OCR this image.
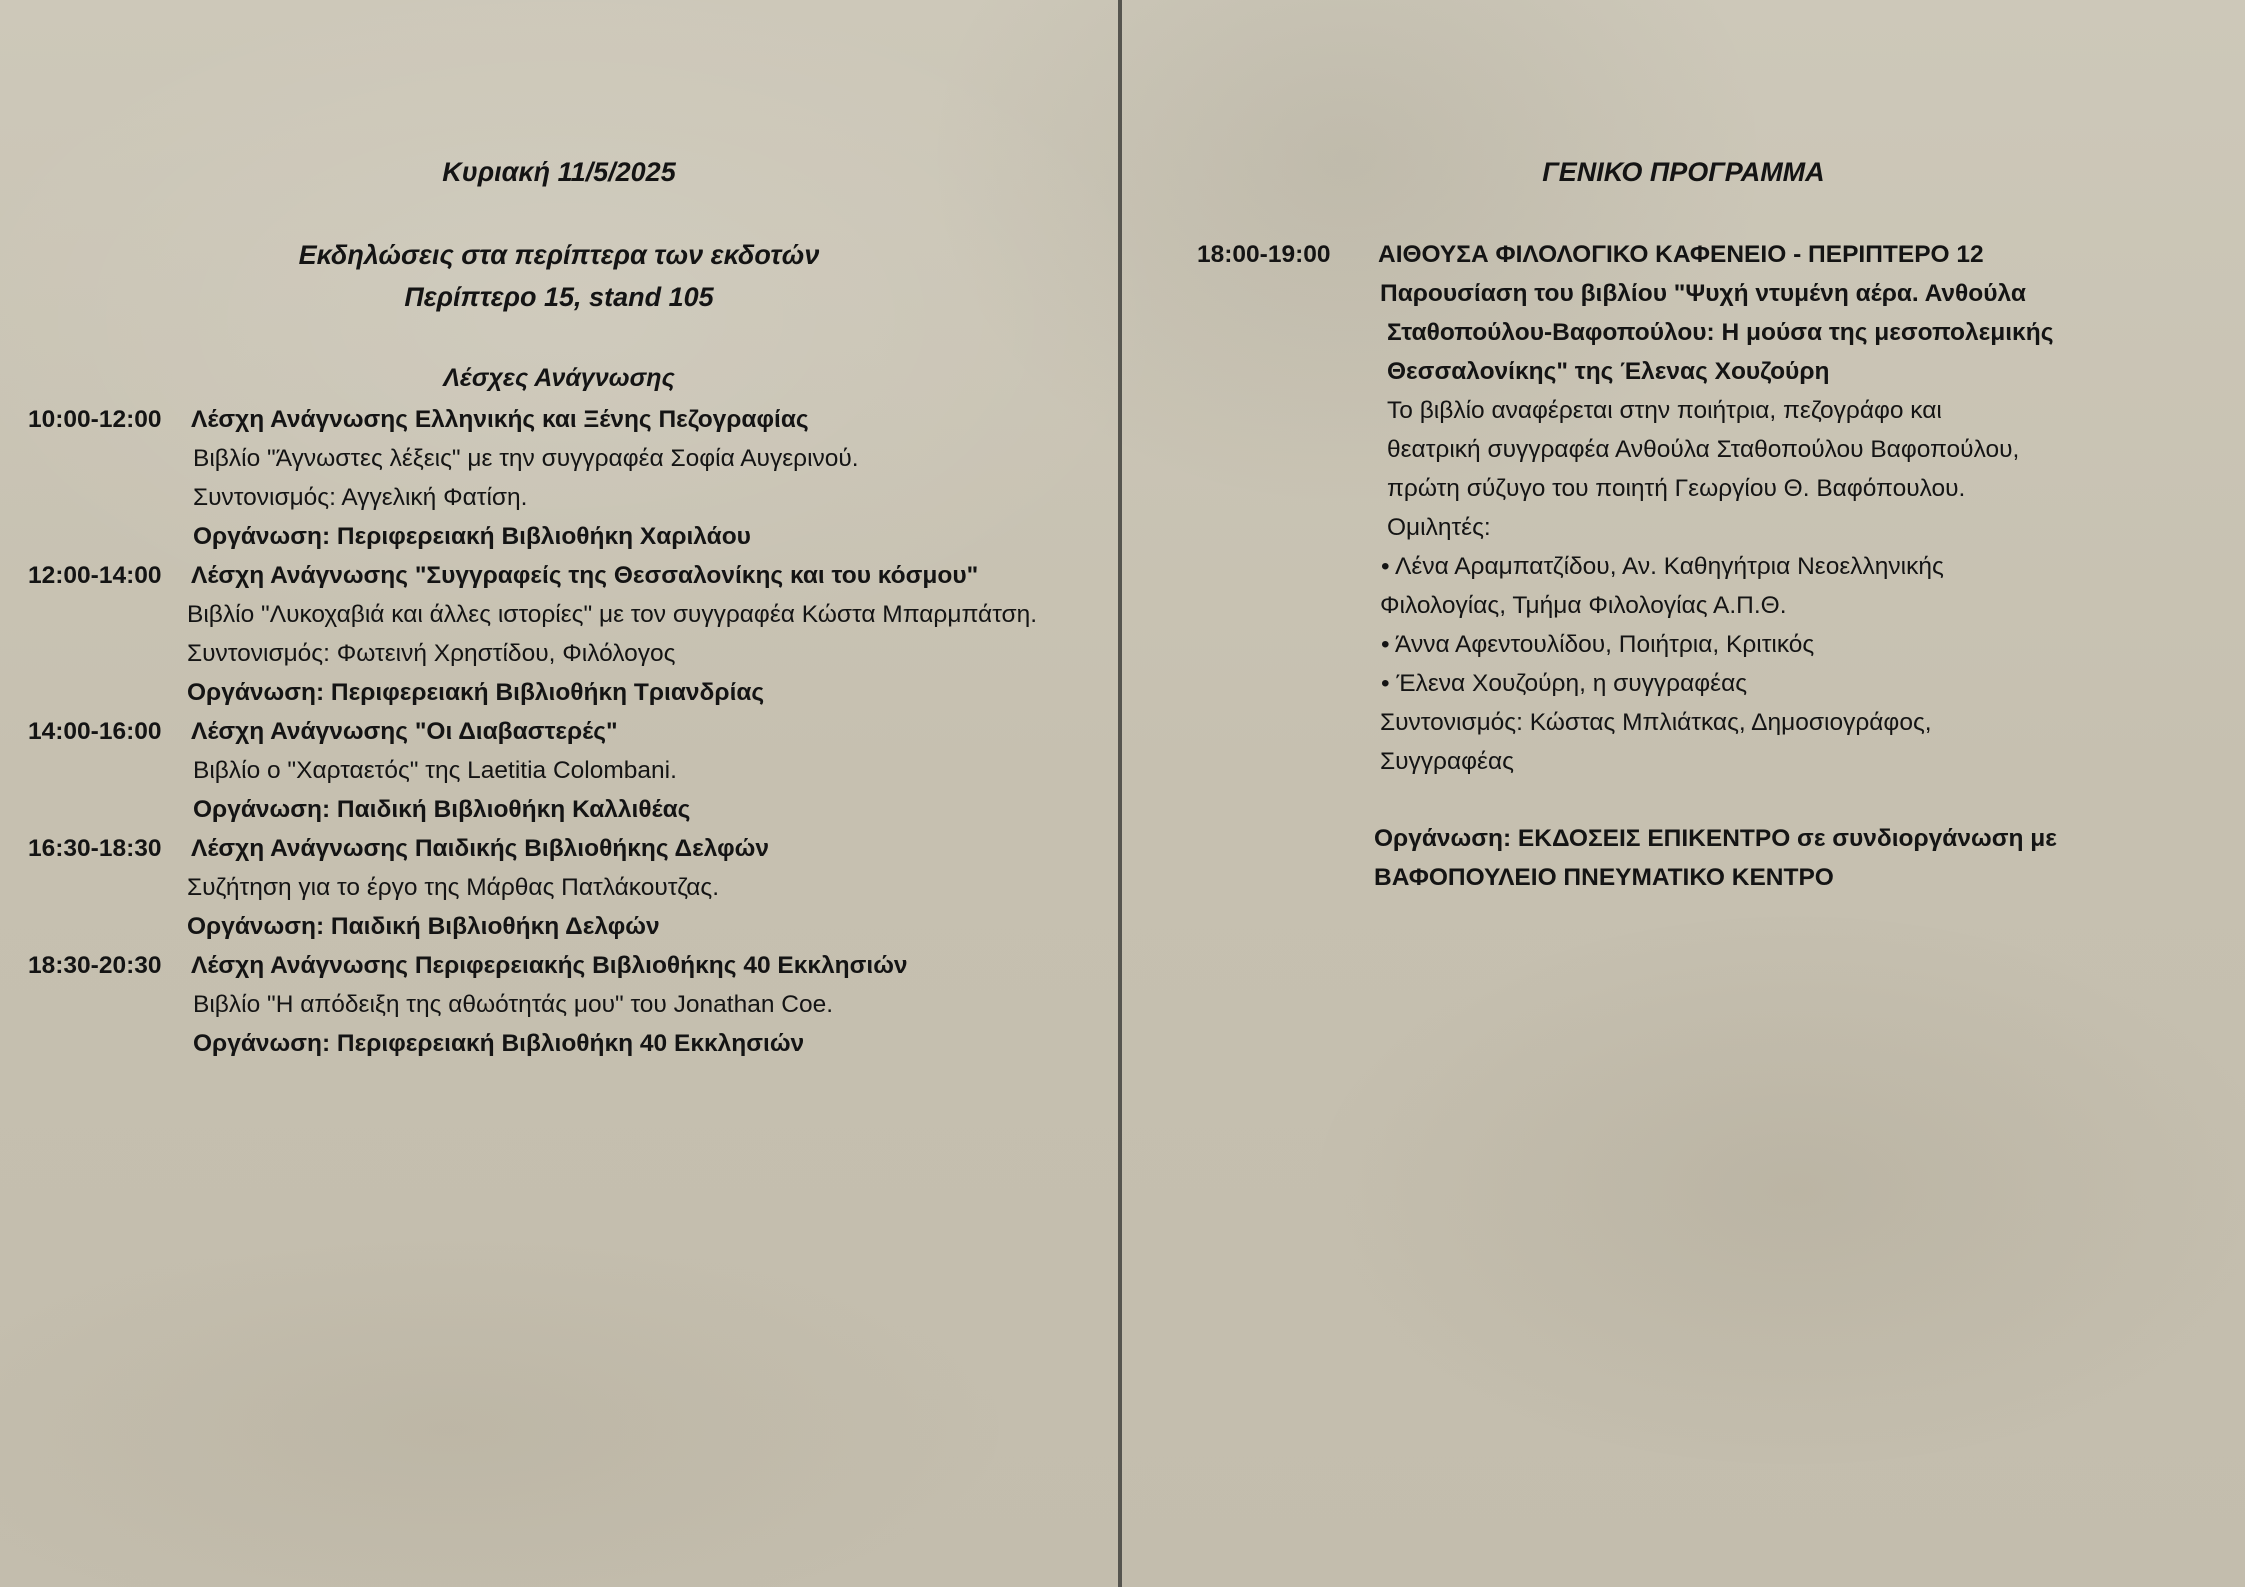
Κυριακή 11/5/2025
Εκδηλώσεις στα περίπτερα των εκδοτών
Περίπτερο 15, stand 105
Λέσχες Ανάγνωσης
10:00-12:00 Λέσχη Ανάγνωσης Ελληνικής και Ξένης Πεζογραφίας
Βιβλίο "Άγνωστες λέξεις" με την συγγραφέα Σοφία Αυγερινού.
Συντονισμός: Αγγελική Φατίση.
Οργάνωση: Περιφερειακή Βιβλιοθήκη Χαριλάου
12:00-14:00 Λέσχη Ανάγνωσης "Συγγραφείς της Θεσσαλονίκης και του κόσμου"
Βιβλίο "Λυκοχαβιά και άλλες ιστορίες" με τον συγγραφέα Κώστα Μπαρμπάτση.
Συντονισμός: Φωτεινή Χρηστίδου, Φιλόλογος
Οργάνωση: Περιφερειακή Βιβλιοθήκη Τριανδρίας
14:00-16:00 Λέσχη Ανάγνωσης "Οι Διαβαστερές"
Βιβλίο ο "Χαρταετός" της Laetitia Colombani.
Οργάνωση: Παιδική Βιβλιοθήκη Καλλιθέας
16:30-18:30 Λέσχη Ανάγνωσης Παιδικής Βιβλιοθήκης Δελφών
Συζήτηση για το έργο της Μάρθας Πατλάκουτζας.
Οργάνωση: Παιδική Βιβλιοθήκη Δελφών
18:30-20:30 Λέσχη Ανάγνωσης Περιφερειακής Βιβλιοθήκης 40 Εκκλησιών
Βιβλίο "Η απόδειξη της αθωότητάς μου" του Jonathan Coe.
Οργάνωση: Περιφερειακή Βιβλιοθήκη 40 Εκκλησιών
ΓΕΝΙΚΟ ΠΡΟΓΡΑΜΜΑ
18:00-19:00 ΑΙΘΟΥΣΑ ΦΙΛΟΛΟΓΙΚΟ ΚΑΦΕΝΕΙΟ - ΠΕΡΙΠΤΕΡΟ 12
Παρουσίαση του βιβλίου "Ψυχή ντυμένη αέρα. Ανθούλα
Σταθοπούλου-Βαφοπούλου: Η μούσα της μεσοπολεμικής
Θεσσαλονίκης" της Έλενας Χουζούρη
Το βιβλίο αναφέρεται στην ποιήτρια, πεζογράφο και
θεατρική συγγραφέα Ανθούλα Σταθοπούλου Βαφοπούλου,
πρώτη σύζυγο του ποιητή Γεωργίου Θ. Βαφόπουλου.
Ομιλητές:
• Λένα Αραμπατζίδου, Αν. Καθηγήτρια Νεοελληνικής
Φιλολογίας, Τμήμα Φιλολογίας Α.Π.Θ.
• Άννα Αφεντουλίδου, Ποιήτρια, Κριτικός
• Έλενα Χουζούρη, η συγγραφέας
Συντονισμός: Κώστας Μπλιάτκας, Δημοσιογράφος,
Συγγραφέας
Οργάνωση: ΕΚΔΟΣΕΙΣ ΕΠΙΚΕΝΤΡΟ σε συνδιοργάνωση με
ΒΑΦΟΠΟΥΛΕΙΟ ΠΝΕΥΜΑΤΙΚΟ ΚΕΝΤΡΟ
